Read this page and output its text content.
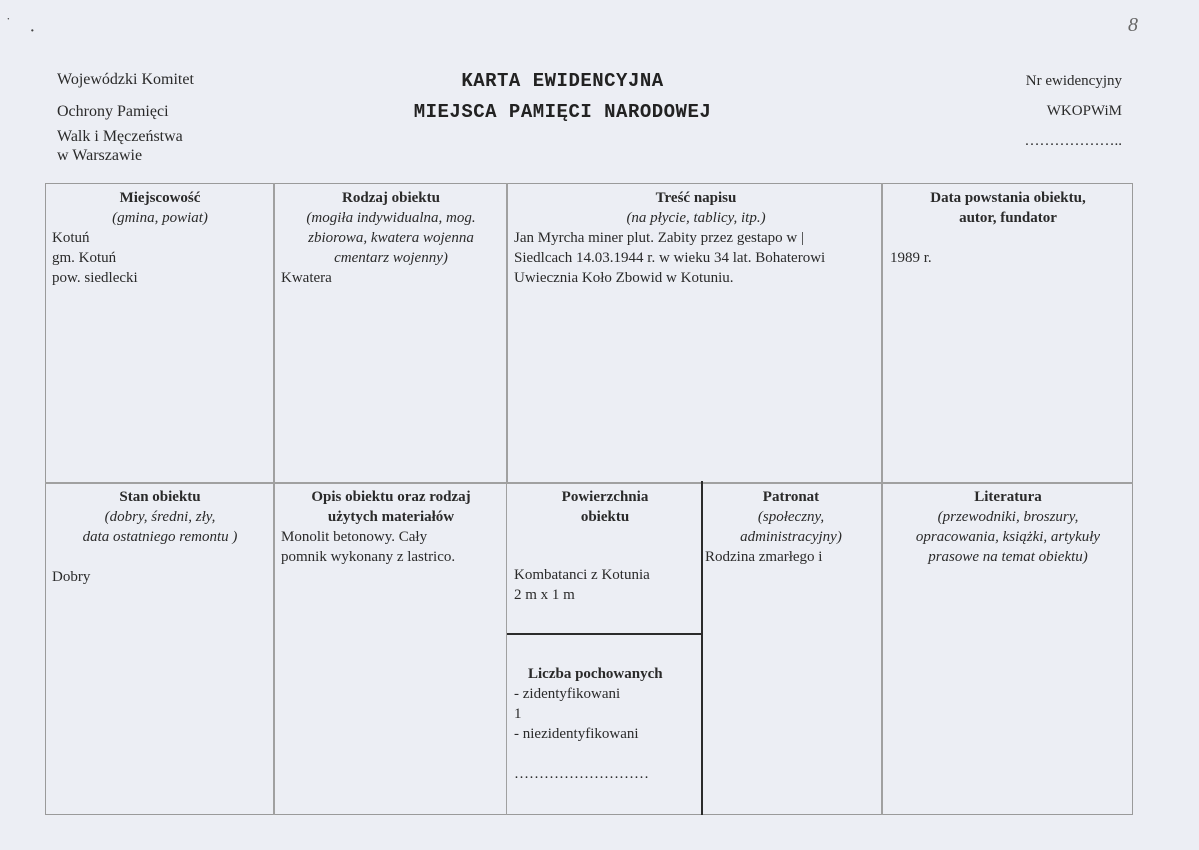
˙
·	8
Wojewódzki Komitet
Ochrony Pamięci
Walk i Męczeństwa
w Warszawie
KARTA EWIDENCYJNA
MIEJSCA PAMIĘCI NARODOWEJ
Nr ewidencyjny
WKOPWiM
………………..
Miejscowość
(gmina, powiat)
Kotuń
gm. Kotuń
pow. siedlecki
Rodzaj obiektu
(mogiła indywidualna, mog.
zbiorowa, kwatera wojenna
cmentarz wojenny)
Kwatera
Treść napisu
(na płycie, tablicy, itp.)
Jan Myrcha miner plut. Zabity przez gestapo w |
Siedlcach 14.03.1944 r. w wieku 34 lat. Bohaterowi
Uwiecznia Koło Zbowid w Kotuniu.
Data powstania obiektu,
autor, fundator
1989 r.
Stan obiektu
(dobry, średni, zły,
data ostatniego remontu )
Dobry
Opis obiektu oraz rodzaj
użytych materiałów
Monolit betonowy. Cały
pomnik wykonany z lastrico.
Powierzchnia
obiektu
Kombatanci z Kotunia
2 m x 1 m
Liczba pochowanych
- zidentyfikowani
1
- niezidentyfikowani
………………………
Patronat
(społeczny,
administracyjny)
Rodzina zmarłego i
Literatura
(przewodniki, broszury,
opracowania, książki, artykuły
prasowe na temat obiektu)
